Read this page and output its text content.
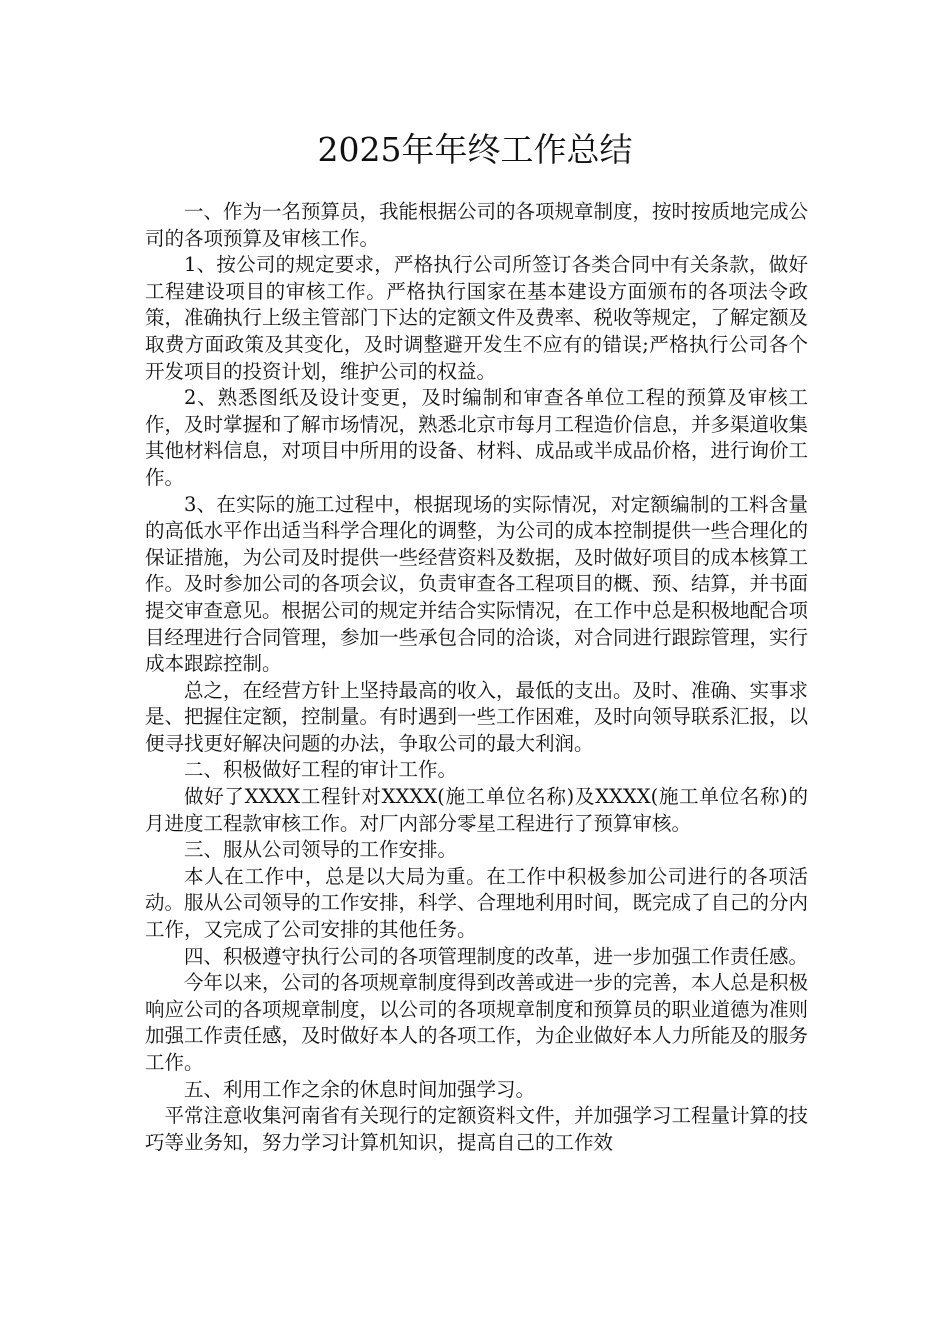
2025年年终工作总结

一、作为一名预算员，我能根据公司的各项规章制度，按时按质地完成公司的各项预算及审核工作。

1、按公司的规定要求，严格执行公司所签订各类合同中有关条款，做好工程建设项目的审核工作。严格执行国家在基本建设方面颁布的各项法令政策，准确执行上级主管部门下达的定额文件及费率、税收等规定，了解定额及取费方面政策及其变化，及时调整避开发生不应有的错误;严格执行公司各个开发项目的投资计划，维护公司的权益。

2、熟悉图纸及设计变更，及时编制和审查各单位工程的预算及审核工作，及时掌握和了解市场情况，熟悉北京市每月工程造价信息，并多渠道收集其他材料信息，对项目中所用的设备、材料、成品或半成品价格，进行询价工作。

3、在实际的施工过程中，根据现场的实际情况，对定额编制的工料含量的高低水平作出适当科学合理化的调整，为公司的成本控制提供一些合理化的保证措施，为公司及时提供一些经营资料及数据，及时做好项目的成本核算工作。及时参加公司的各项会议，负责审查各工程项目的概、预、结算，并书面提交审查意见。根据公司的规定并结合实际情况，在工作中总是积极地配合项目经理进行合同管理，参加一些承包合同的洽谈，对合同进行跟踪管理，实行成本跟踪控制。

总之，在经营方针上坚持最高的收入，最低的支出。及时、准确、实事求是、把握住定额，控制量。有时遇到一些工作困难，及时向领导联系汇报，以便寻找更好解决问题的办法，争取公司的最大利润。

二、积极做好工程的审计工作。

做好了XXXX工程针对XXXX(施工单位名称)及XXXX(施工单位名称)的月进度工程款审核工作。对厂内部分零星工程进行了预算审核。

三、服从公司领导的工作安排。

本人在工作中，总是以大局为重。在工作中积极参加公司进行的各项活动。服从公司领导的工作安排，科学、合理地利用时间，既完成了自己的分内工作，又完成了公司安排的其他任务。

四、积极遵守执行公司的各项管理制度的改革，进一步加强工作责任感。

今年以来，公司的各项规章制度得到改善或进一步的完善，本人总是积极响应公司的各项规章制度，以公司的各项规章制度和预算员的职业道德为准则加强工作责任感，及时做好本人的各项工作，为企业做好本人力所能及的服务工作。

五、利用工作之余的休息时间加强学习。

平常注意收集河南省有关现行的定额资料文件，并加强学习工程量计算的技巧等业务知，努力学习计算机知识，提高自己的工作效
